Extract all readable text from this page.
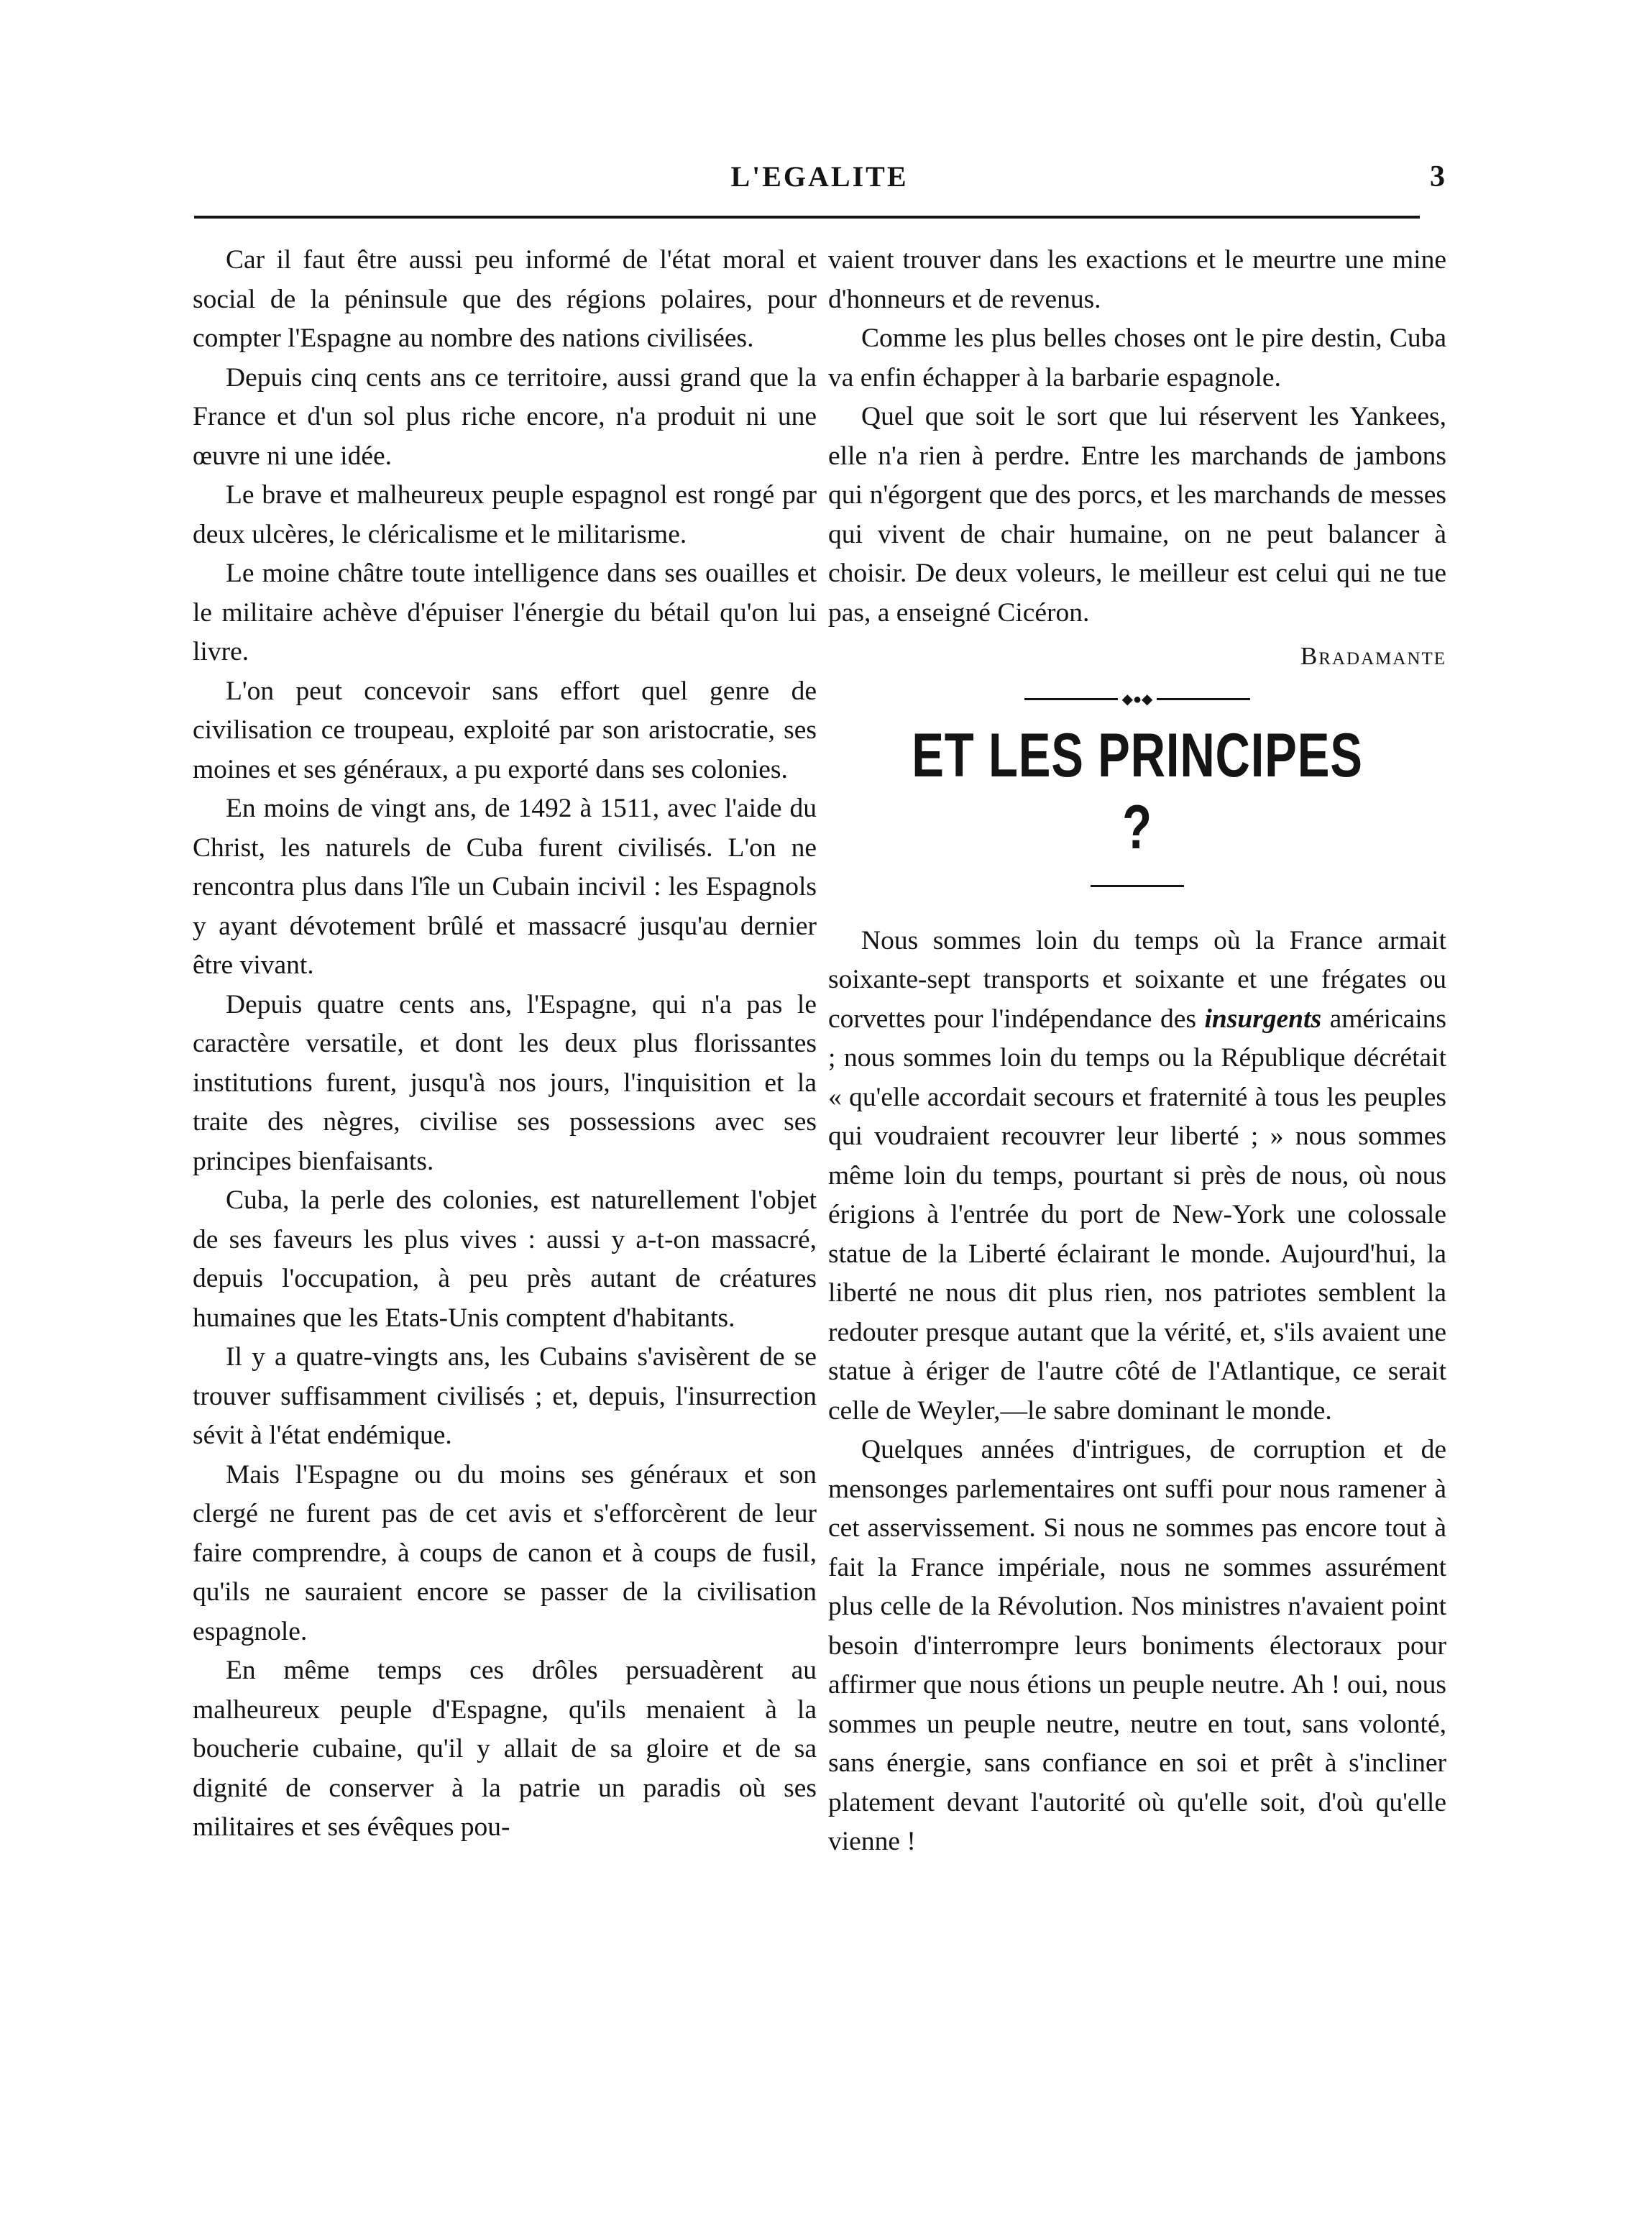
L'EGALITE	3

Car il faut être aussi peu informé de l'état moral et social de la péninsule que des régions polaires, pour compter l'Espagne au nombre des nations civilisées.

Depuis cinq cents ans ce territoire, aussi grand que la France et d'un sol plus riche encore, n'a produit ni une œuvre ni une idée.

Le brave et malheureux peuple espagnol est rongé par deux ulcères, le cléricalisme et le militarisme.

Le moine châtre toute intelligence dans ses ouailles et le militaire achève d'épuiser l'énergie du bétail qu'on lui livre.

L'on peut concevoir sans effort quel genre de civilisation ce troupeau, exploité par son aristocratie, ses moines et ses généraux, a pu exporté dans ses colonies.

En moins de vingt ans, de 1492 à 1511, avec l'aide du Christ, les naturels de Cuba furent civilisés. L'on ne rencontra plus dans l'île un Cubain incivil : les Espagnols y ayant dévotement brûlé et massacré jusqu'au dernier être vivant.

Depuis quatre cents ans, l'Espagne, qui n'a pas le caractère versatile, et dont les deux plus florissantes institutions furent, jusqu'à nos jours, l'inquisition et la traite des nègres, civilise ses possessions avec ses principes bienfaisants.

Cuba, la perle des colonies, est naturellement l'objet de ses faveurs les plus vives : aussi y a-t-on massacré, depuis l'occupation, à peu près autant de créatures humaines que les Etats-Unis comptent d'habitants.

Il y a quatre-vingts ans, les Cubains s'avisèrent de se trouver suffisamment civilisés ; et, depuis, l'insurrection sévit à l'état endémique.

Mais l'Espagne ou du moins ses généraux et son clergé ne furent pas de cet avis et s'efforcèrent de leur faire comprendre, à coups de canon et à coups de fusil, qu'ils ne sauraient encore se passer de la civilisation espagnole.

En même temps ces drôles persuadèrent au malheureux peuple d'Espagne, qu'ils menaient à la boucherie cubaine, qu'il y allait de sa gloire et de sa dignité de conserver à la patrie un paradis où ses militaires et ses évêques pou-

vaient trouver dans les exactions et le meurtre une mine d'honneurs et de revenus.

Comme les plus belles choses ont le pire destin, Cuba va enfin échapper à la barbarie espagnole.

Quel que soit le sort que lui réservent les Yankees, elle n'a rien à perdre. Entre les marchands de jambons qui n'égorgent que des porcs, et les marchands de messes qui vivent de chair humaine, on ne peut balancer à choisir. De deux voleurs, le meilleur est celui qui ne tue pas, a enseigné Cicéron.

Bradamante

◆●◆
ET LES PRINCIPES ?

Nous sommes loin du temps où la France armait soixante-sept transports et soixante et une frégates ou corvettes pour l'indépendance des insurgents américains ; nous sommes loin du temps ou la République décrétait « qu'elle accordait secours et fraternité à tous les peuples qui voudraient recouvrer leur liberté ; » nous sommes même loin du temps, pourtant si près de nous, où nous érigions à l'entrée du port de New-York une colossale statue de la Liberté éclairant le monde. Aujourd'hui, la liberté ne nous dit plus rien, nos patriotes semblent la redouter presque autant que la vérité, et, s'ils avaient une statue à ériger de l'autre côté de l'Atlantique, ce serait celle de Weyler,—le sabre dominant le monde.

Quelques années d'intrigues, de corruption et de mensonges parlementaires ont suffi pour nous ramener à cet asservissement. Si nous ne sommes pas encore tout à fait la France impériale, nous ne sommes assurément plus celle de la Révolution. Nos ministres n'avaient point besoin d'interrompre leurs boniments électoraux pour affirmer que nous étions un peuple neutre. Ah ! oui, nous sommes un peuple neutre, neutre en tout, sans volonté, sans énergie, sans confiance en soi et prêt à s'incliner platement devant l'autorité où qu'elle soit, d'où qu'elle vienne !
